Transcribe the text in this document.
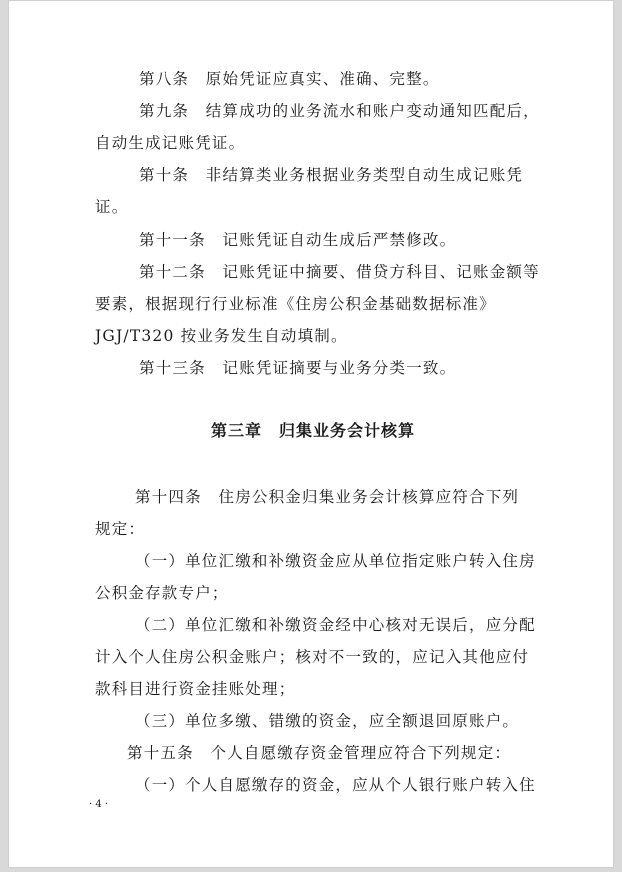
第八条　原始凭证应真实、准确、完整。
第九条　结算成功的业务流水和账户变动通知匹配后，
自动生成记账凭证。
第十条　非结算类业务根据业务类型自动生成记账凭
证。
第十一条　记账凭证自动生成后严禁修改。
第十二条　记账凭证中摘要、借贷方科目、记账金额等
要素，根据现行行业标准《住房公积金基础数据标准》
JGJ/T320 按业务发生自动填制。
第十三条　记账凭证摘要与业务分类一致。
第三章　归集业务会计核算
第十四条　住房公积金归集业务会计核算应符合下列
规定：
（一）单位汇缴和补缴资金应从单位指定账户转入住房
公积金存款专户；
（二）单位汇缴和补缴资金经中心核对无误后，应分配
计入个人住房公积金账户；核对不一致的，应记入其他应付
款科目进行资金挂账处理；
（三）单位多缴、错缴的资金，应全额退回原账户。
第十五条　个人自愿缴存资金管理应符合下列规定：
（一）个人自愿缴存的资金，应从个人银行账户转入住
· 4 ·
